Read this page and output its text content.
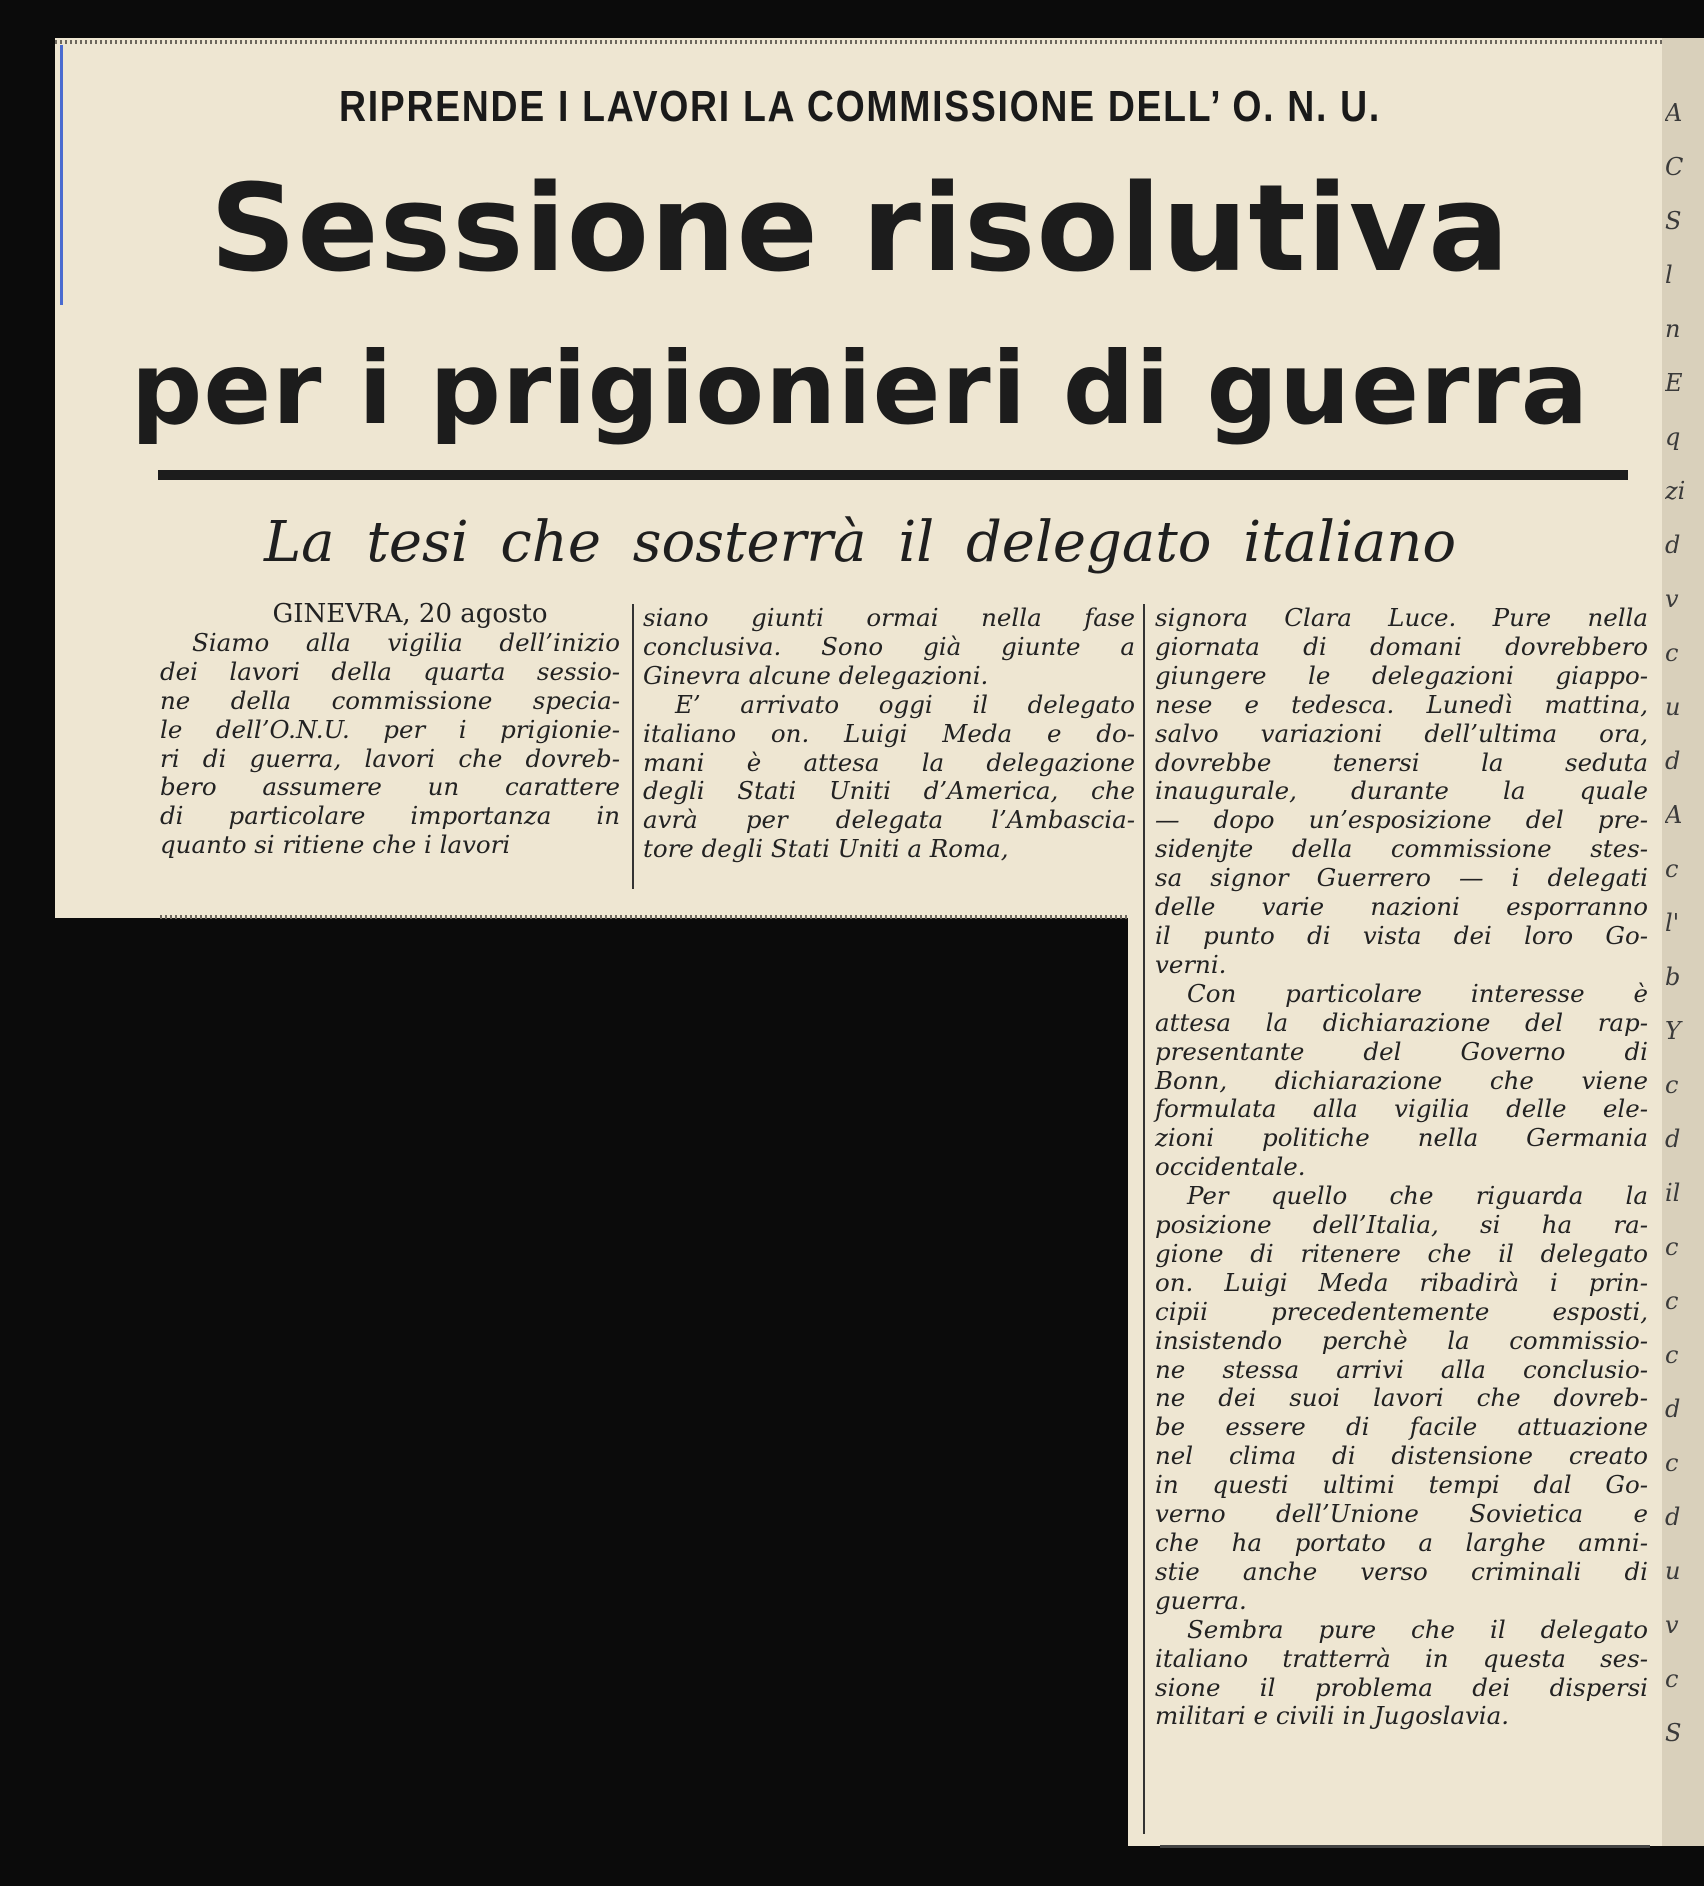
A
C
S
l
n
E
q
zi
d
v
c
u
d
A
c
l'
b
Y
c
d
il
c
c
c
d
c
d
u
v
c
S
RIPRENDE I LAVORI LA COMMISSIONE DELL’ O. N. U.
Sessione risolutiva
per i prigionieri di guerra
La tesi che sosterrà il delegato italiano

GINEVRA, 20 agosto

Siamo alla vigilia dell’inizio

dei lavori della quarta sessio-

ne della commissione specia-

le dell’O.N.U. per i prigionie-

ri di guerra, lavori che dovreb-

bero assumere un carattere

di particolare importanza in

quanto si ritiene che i lavori

siano giunti ormai nella fase

conclusiva. Sono già giunte a

Ginevra alcune delegazioni.

E’ arrivato oggi il delegato

italiano on. Luigi Meda e do-

mani è attesa la delegazione

degli Stati Uniti d’America, che

avrà per delegata l’Ambascia-

tore degli Stati Uniti a Roma,

signora Clara Luce. Pure nella

giornata di domani dovrebbero

giungere le delegazioni giappo-

nese e tedesca. Lunedì mattina,

salvo variazioni dell’ultima ora,

dovrebbe tenersi la seduta

inaugurale, durante la quale

— dopo un’esposizione del pre-

sidenjte della commissione stes-

sa signor Guerrero — i delegati

delle varie nazioni esporranno

il punto di vista dei loro Go-

verni.

Con particolare interesse è

attesa la dichiarazione del rap-

presentante del Governo di

Bonn, dichiarazione che viene

formulata alla vigilia delle ele-

zioni politiche nella Germania

occidentale.

Per quello che riguarda la

posizione dell’Italia, si ha ra-

gione di ritenere che il delegato

on. Luigi Meda ribadirà i prin-

cipii precedentemente esposti,

insistendo perchè la commissio-

ne stessa arrivi alla conclusio-

ne dei suoi lavori che dovreb-

be essere di facile attuazione

nel clima di distensione creato

in questi ultimi tempi dal Go-

verno dell’Unione Sovietica e

che ha portato a larghe amni-

stie anche verso criminali di

guerra.

Sembra pure che il delegato

italiano tratterrà in questa ses-

sione il problema dei dispersi

militari e civili in Jugoslavia.
